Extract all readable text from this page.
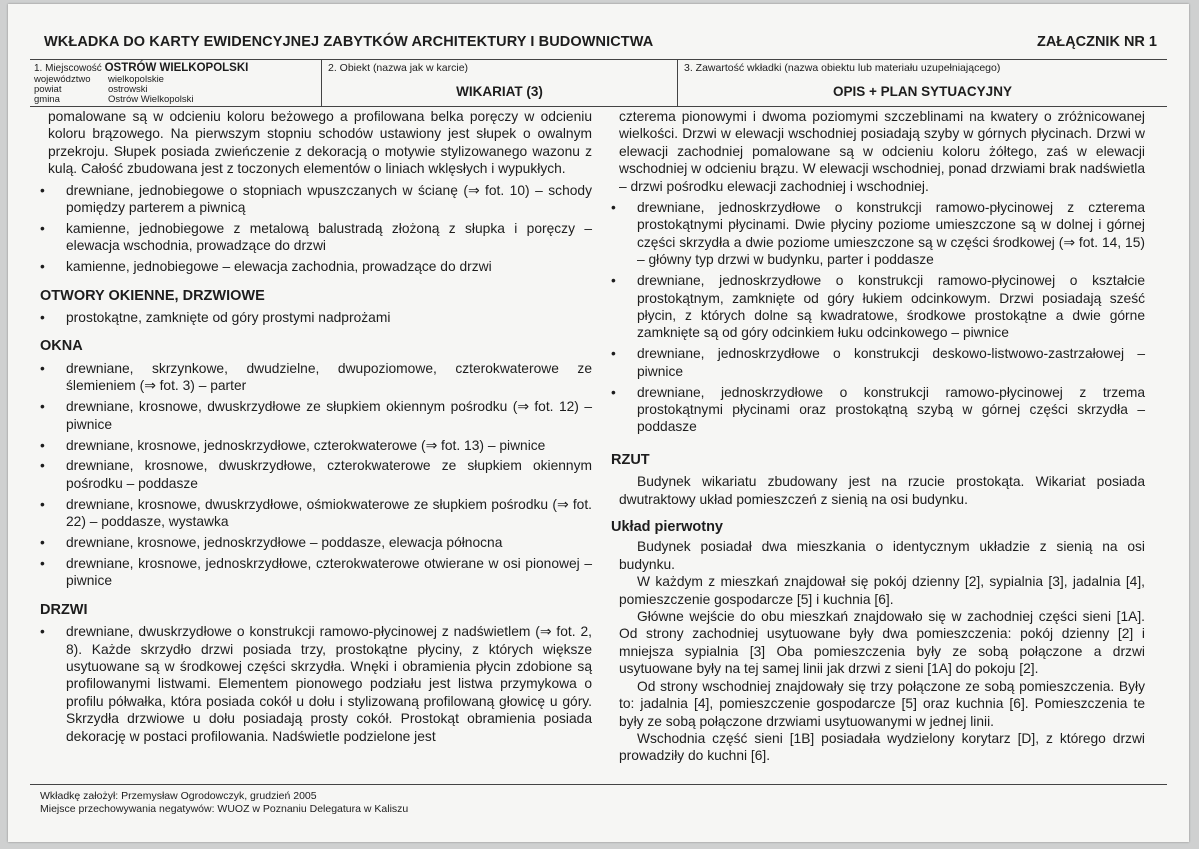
WKŁADKA DO KARTY EWIDENCYJNEJ ZABYTKÓW ARCHITEKTURY I BUDOWNICTWA	ZAŁĄCZNIK NR 1
1. Miejscowość OSTRÓW WIELKOPOLSKI
województwo wielkopolskie
powiat	ostrowski
gmina	Ostrów Wielkopolski
2. Obiekt (nazwa jak w karcie)
WIKARIAT (3)
3. Zawartość wkładki (nazwa obiektu lub materiału uzupełniającego)
OPIS + PLAN SYTUACYJNY

pomalowane są w odcieniu koloru beżowego a profilowana belka poręczy w odcieniu koloru brązowego. Na pierwszym stopniu schodów ustawiony jest słupek o owalnym przekroju. Słupek posiada zwieńczenie z dekoracją o motywie stylizowanego wazonu z kulą. Całość zbudowana jest z toczonych elementów o liniach wklęsłych i wypukłych.

• drewniane, jednobiegowe o stopniach wpuszczanych w ścianę (⇒ fot. 10) – schody pomiędzy parterem a piwnicą
• kamienne, jednobiegowe z metalową balustradą złożoną z słupka i poręczy – elewacja wschodnia, prowadzące do drzwi
• kamienne, jednobiegowe – elewacja zachodnia, prowadzące do drzwi
OTWORY OKIENNE, DRZWIOWE
• prostokątne, zamknięte od góry prostymi nadprożami
OKNA
• drewniane, skrzynkowe, dwudzielne, dwupoziomowe, czterokwaterowe ze ślemieniem (⇒ fot. 3) – parter
• drewniane, krosnowe, dwuskrzydłowe ze słupkiem okiennym pośrodku (⇒ fot. 12) – piwnice
• drewniane, krosnowe, jednoskrzydłowe, czterokwaterowe (⇒ fot. 13) – piwnice
• drewniane, krosnowe, dwuskrzydłowe, czterokwaterowe ze słupkiem okiennym pośrodku – poddasze
• drewniane, krosnowe, dwuskrzydłowe, ośmiokwaterowe ze słupkiem pośrodku (⇒ fot. 22) – poddasze, wystawka
• drewniane, krosnowe, jednoskrzydłowe – poddasze, elewacja północna
• drewniane, krosnowe, jednoskrzydłowe, czterokwaterowe otwierane w osi pionowej – piwnice
DRZWI
• drewniane, dwuskrzydłowe o konstrukcji ramowo-płycinowej z nadświetlem (⇒ fot. 2, 8). Każde skrzydło drzwi posiada trzy, prostokątne płyciny, z których większe usytuowane są w środkowej części skrzydła. Wnęki i obramienia płycin zdobione są profilowanymi listwami. Elementem pionowego podziału jest listwa przymykowa o profilu półwałka, która posiada cokół u dołu i stylizowaną profilowaną głowicę u góry. Skrzydła drzwiowe u dołu posiadają prosty cokół. Prostokąt obramienia posiada dekorację w postaci profilowania. Nadświetle podzielone jest

czterema pionowymi i dwoma poziomymi szczeblinami na kwatery o zróżnicowanej wielkości. Drzwi w elewacji wschodniej posiadają szyby w górnych płycinach. Drzwi w elewacji zachodniej pomalowane są w odcieniu koloru żółtego, zaś w elewacji wschodniej w odcieniu brązu. W elewacji wschodniej, ponad drzwiami brak nadświetla – drzwi pośrodku elewacji zachodniej i wschodniej.

• drewniane, jednoskrzydłowe o konstrukcji ramowo-płycinowej z czterema prostokątnymi płycinami. Dwie płyciny poziome umieszczone są w dolnej i górnej części skrzydła a dwie poziome umieszczone są w części środkowej (⇒ fot. 14, 15) – główny typ drzwi w budynku, parter i poddasze
• drewniane, jednoskrzydłowe o konstrukcji ramowo-płycinowej o kształcie prostokątnym, zamknięte od góry łukiem odcinkowym. Drzwi posiadają sześć płycin, z których dolne są kwadratowe, środkowe prostokątne a dwie górne zamknięte są od góry odcinkiem łuku odcinkowego – piwnice
• drewniane, jednoskrzydłowe o konstrukcji deskowo-listwowo-zastrzałowej – piwnice
• drewniane, jednoskrzydłowe o konstrukcji ramowo-płycinowej z trzema prostokątnymi płycinami oraz prostokątną szybą w górnej części skrzydła – poddasze
RZUT

Budynek wikariatu zbudowany jest na rzucie prostokąta. Wikariat posiada dwutraktowy układ pomieszczeń z sienią na osi budynku.

Układ pierwotny

Budynek posiadał dwa mieszkania o identycznym układzie z sienią na osi budynku.

W każdym z mieszkań znajdował się pokój dzienny [2], sypialnia [3], jadalnia [4], pomieszczenie gospodarcze [5] i kuchnia [6].

Główne wejście do obu mieszkań znajdowało się w zachodniej części sieni [1A]. Od strony zachodniej usytuowane były dwa pomieszczenia: pokój dzienny [2] i mniejsza sypialnia [3] Oba pomieszczenia były ze sobą połączone a drzwi usytuowane były na tej samej linii jak drzwi z sieni [1A] do pokoju [2].

Od strony wschodniej znajdowały się trzy połączone ze sobą pomieszczenia. Były to: jadalnia [4], pomieszczenie gospodarcze [5] oraz kuchnia [6]. Pomieszczenia te były ze sobą połączone drzwiami usytuowanymi w jednej linii.

Wschodnia część sieni [1B] posiadała wydzielony korytarz [D], z którego drzwi prowadziły do kuchni [6].

Wkładkę założył: Przemysław Ogrodowczyk, grudzień 2005
Miejsce przechowywania negatywów: WUOZ w Poznaniu Delegatura w Kaliszu
